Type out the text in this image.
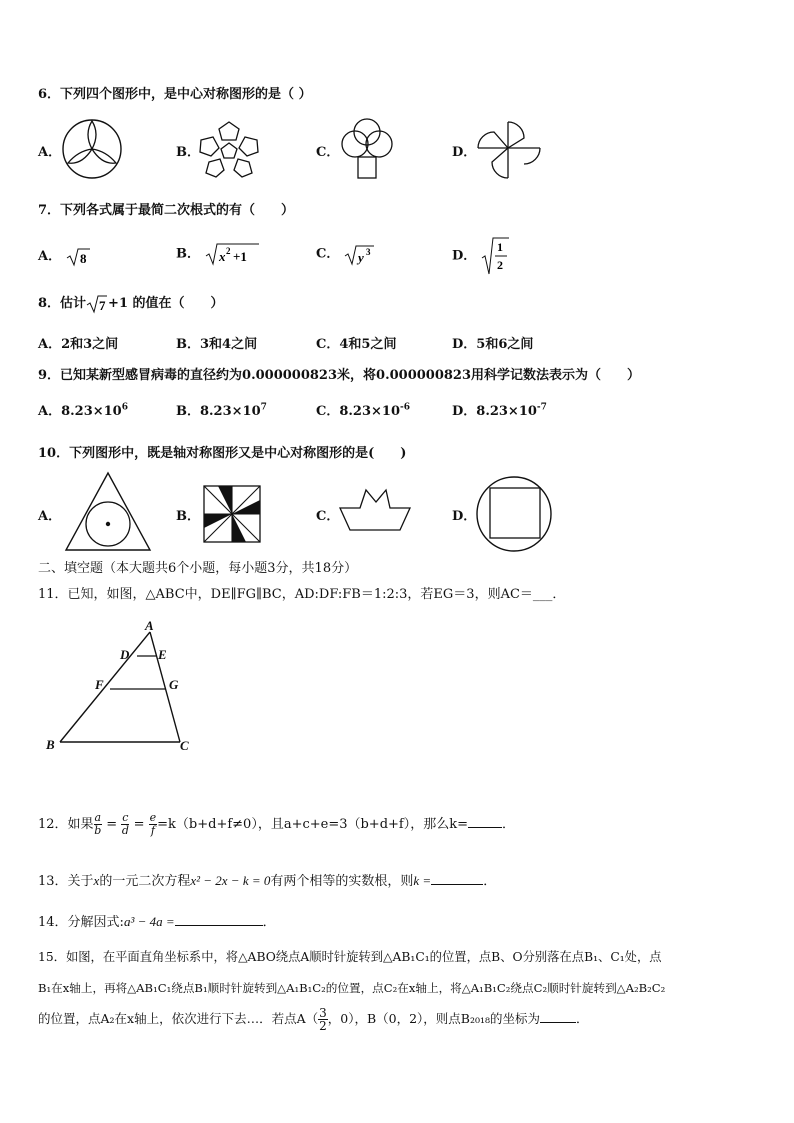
6．下列四个图形中，是中心对称图形的是（ ）
A．	B．	C．	D．
7．下列各式属于最简二次根式的有（　　）
A． 8	B． x 2 +1	C． y 3	D．
1
2
8．估计 7 +1 的值在（　　）
A．2和3之间	B．3和4之间	C．4和5之间	D．5和6之间
9．已知某新型感冒病毒的直径约为0.000000823米，将0.000000823用科学记数法表示为（　　）
A．$8.23\times 10^6$	B．$8.23\times 10^7$	C．$8.23\times 10^{-6}$	D．$8.23\times 10^{-7}$
10．下列图形中，既是轴对称图形又是中心对称图形的是(　　)
A．	B．	C．	D．
二、填空题（本大题共6个小题，每小题3分，共18分）
11．已知，如图，△ABC中，DE∥FG∥BC，AD:DF:FB＝1:2:3，若EG＝3，则AC＝___．
A
D E
F	G
B	C
12．如果 $\frac{a}{b} = \frac{c}{d} = \frac{e}{f} =k(b+d+f\ne 0)$，且a+c+e=3（b+d+f），那么k=	．
13．关于x的一元二次方程x² − 2x − k = 0有两个相等的实数根，则k =	．
14．分解因式:a³ − 4a =	．
15．如图，在平面直角坐标系中，将△ABO绕点A顺时针旋转到△AB₁C₁的位置，点B、O分别落在点B₁、C₁处，点
B₁在x轴上，再将△AB₁C₁绕点B₁顺时针旋转到△A₁B₁C₂的位置，点C₂在x轴上，将△A₁B₁C₂绕点C₂顺时针旋转到△A₂B₂C₂
的位置，点A₂在x轴上，依次进行下去…．若点$A( \frac{3}{2}$ ，0），B（0，2），则点B₂₀₁₈的坐标为	．
